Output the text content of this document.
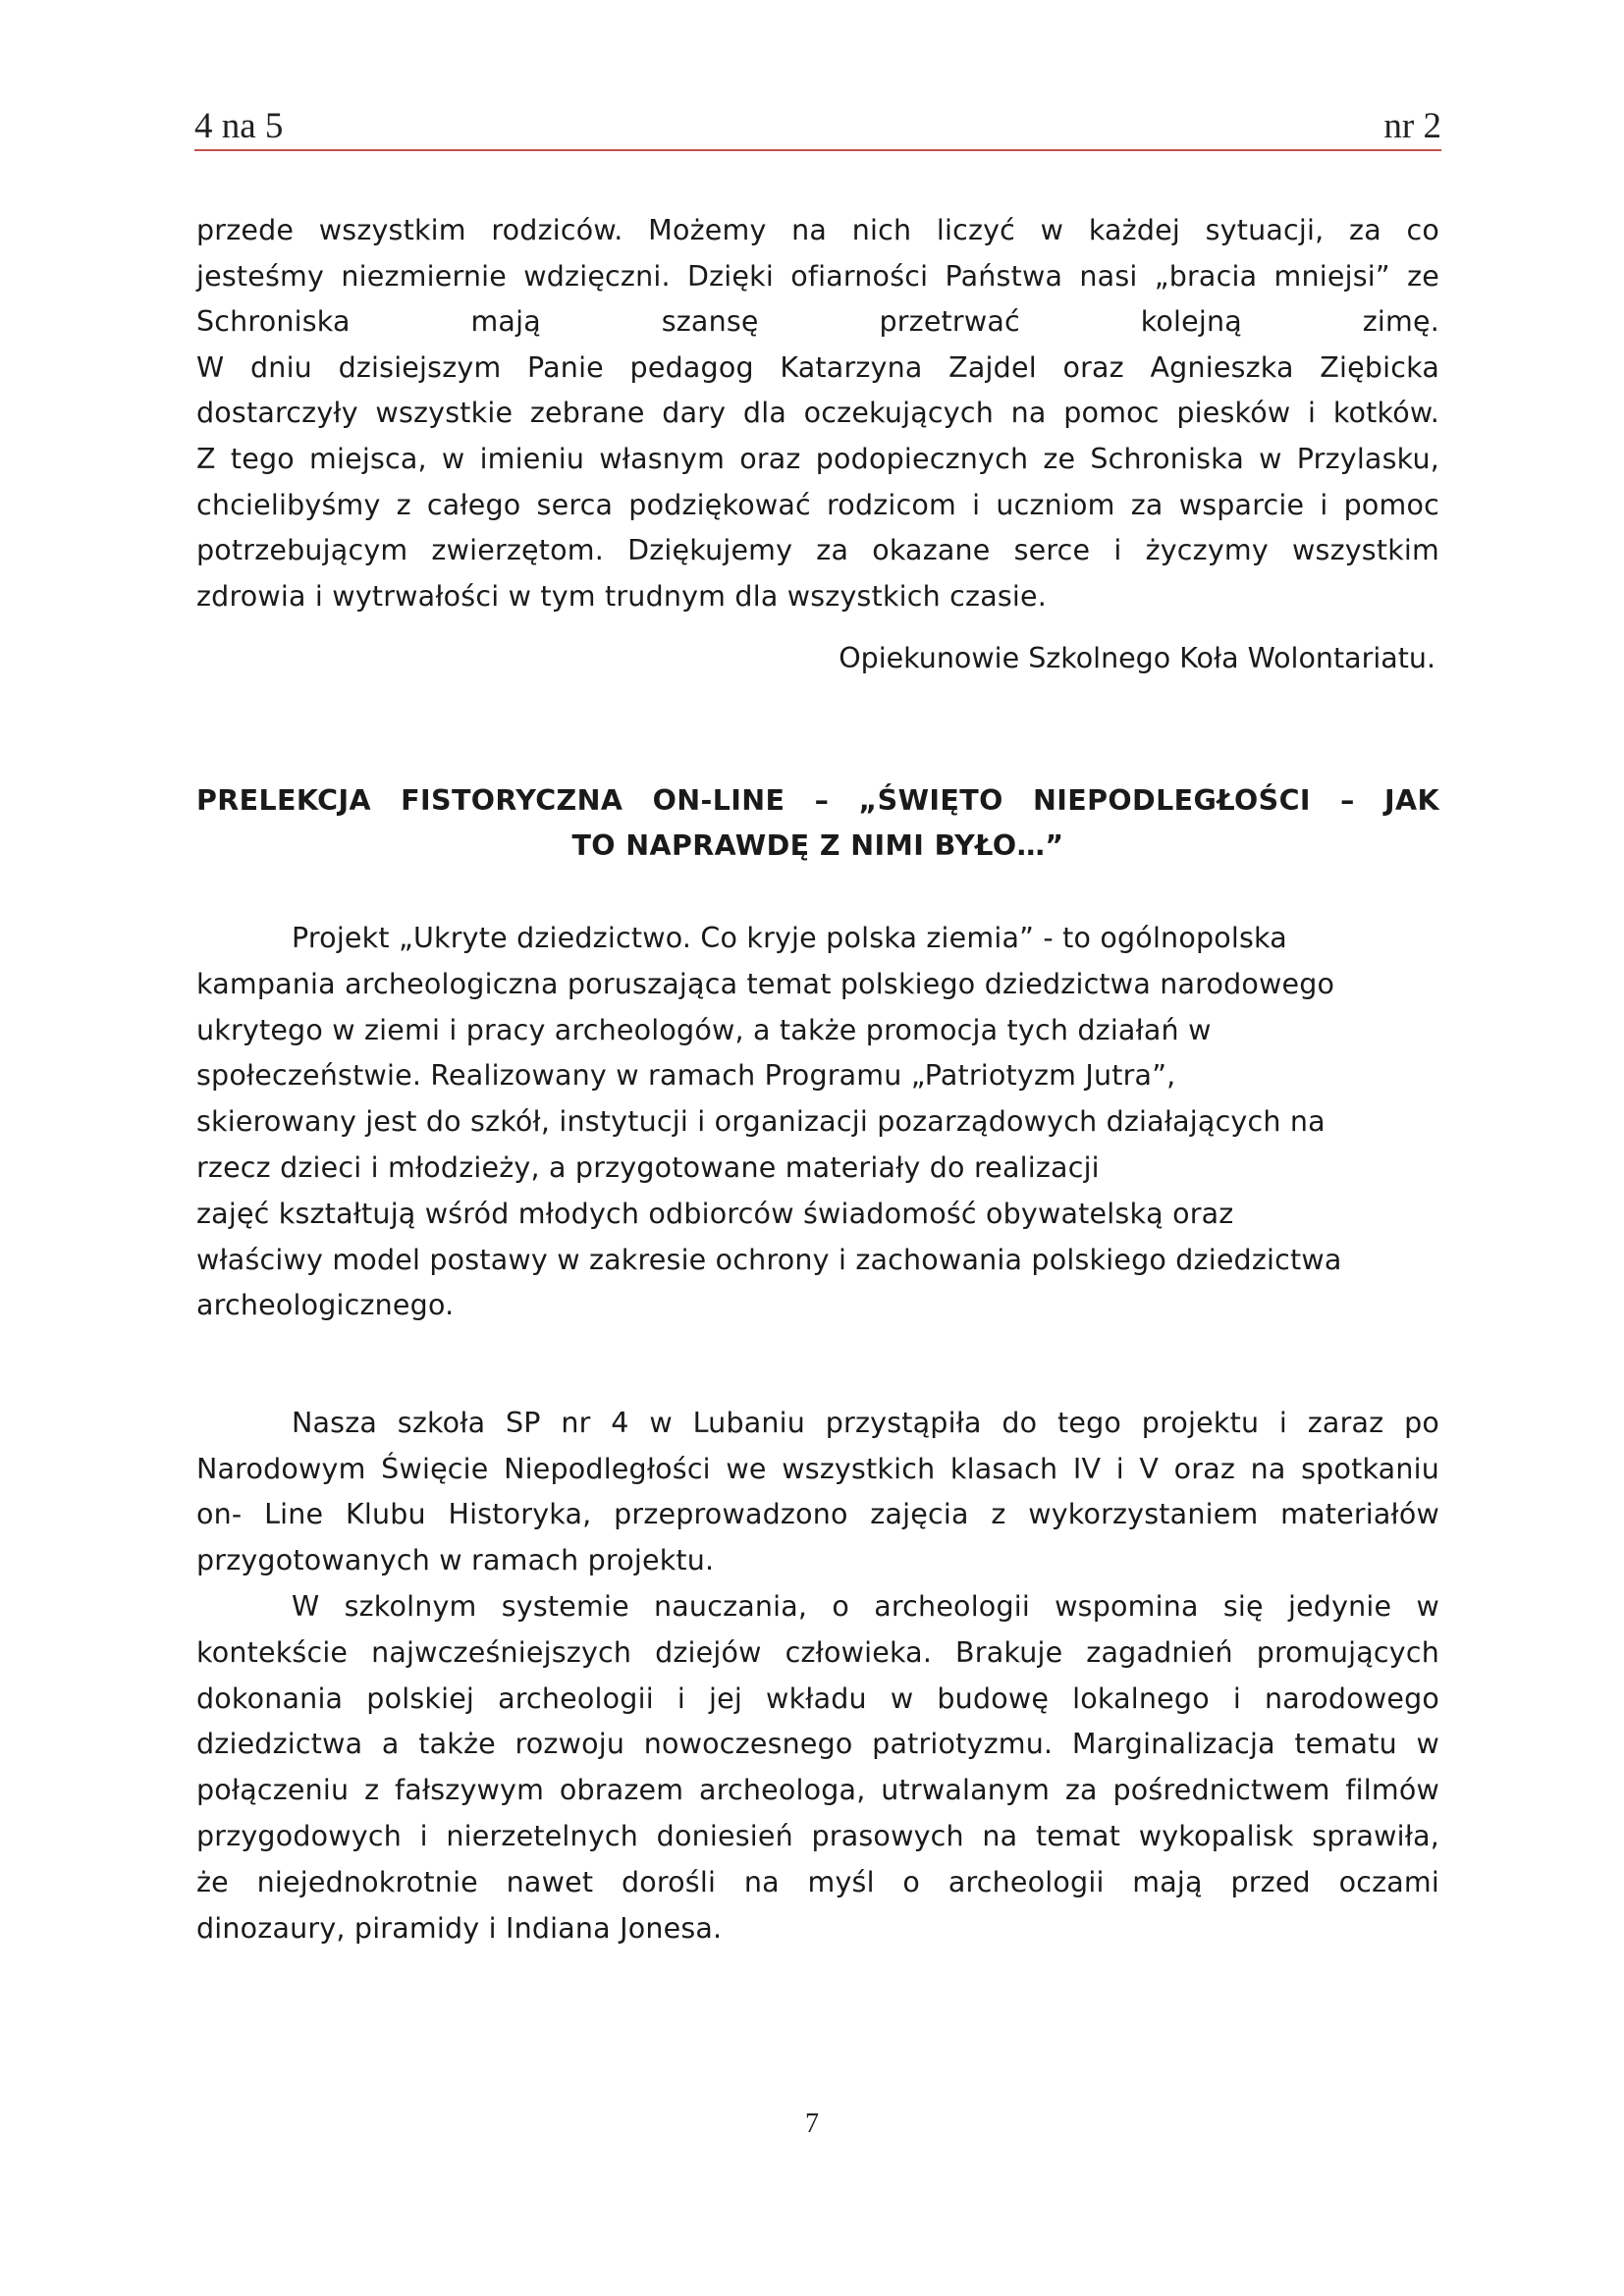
4 na 5	nr 2
przede wszystkim rodziców. Możemy na nich liczyć w każdej sytuacji, za co
jesteśmy niezmiernie wdzięczni. Dzięki ofiarności Państwa nasi „bracia mniejsi” ze
Schroniska mają szansę przetrwać kolejną zimę.
W dniu dzisiejszym Panie pedagog Katarzyna Zajdel oraz Agnieszka Ziębicka
dostarczyły wszystkie zebrane dary dla oczekujących na pomoc piesków i kotków.
Z tego miejsca, w imieniu własnym oraz podopiecznych ze Schroniska w Przylasku,
chcielibyśmy z całego serca podziękować rodzicom i uczniom za wsparcie i pomoc
potrzebującym zwierzętom. Dziękujemy za okazane serce i życzymy wszystkim
zdrowia i wytrwałości w tym trudnym dla wszystkich czasie.
Opiekunowie Szkolnego Koła Wolontariatu.
PRELEKCJA FISTORYCZNA ON-LINE – „ŚWIĘTO NIEPODLEGŁOŚCI – JAK
TO NAPRAWDĘ Z NIMI BYŁO…”
Projekt „Ukryte dziedzictwo. Co kryje polska ziemia” - to ogólnopolska
kampania archeologiczna poruszająca temat polskiego dziedzictwa narodowego
ukrytego w ziemi i pracy archeologów, a także promocja tych działań w
społeczeństwie. Realizowany w ramach Programu „Patriotyzm Jutra”,
skierowany jest do szkół, instytucji i organizacji pozarządowych działających na
rzecz dzieci i młodzieży, a przygotowane materiały do realizacji
zajęć kształtują wśród młodych odbiorców świadomość obywatelską oraz
właściwy model postawy w zakresie ochrony i zachowania polskiego dziedzictwa
archeologicznego.
Nasza szkoła SP nr 4 w Lubaniu przystąpiła do tego projektu i zaraz po
Narodowym Święcie Niepodległości we wszystkich klasach IV i V oraz na spotkaniu
on- Line Klubu Historyka, przeprowadzono zajęcia z wykorzystaniem materiałów
przygotowanych w ramach projektu.
W szkolnym systemie nauczania, o archeologii wspomina się jedynie w
kontekście najwcześniejszych dziejów człowieka. Brakuje zagadnień promujących
dokonania polskiej archeologii i jej wkładu w budowę lokalnego i narodowego
dziedzictwa a także rozwoju nowoczesnego patriotyzmu. Marginalizacja tematu w
połączeniu z fałszywym obrazem archeologa, utrwalanym za pośrednictwem filmów
przygodowych i nierzetelnych doniesień prasowych na temat wykopalisk sprawiła,
że niejednokrotnie nawet dorośli na myśl o archeologii mają przed oczami
dinozaury, piramidy i Indiana Jonesa.
7
